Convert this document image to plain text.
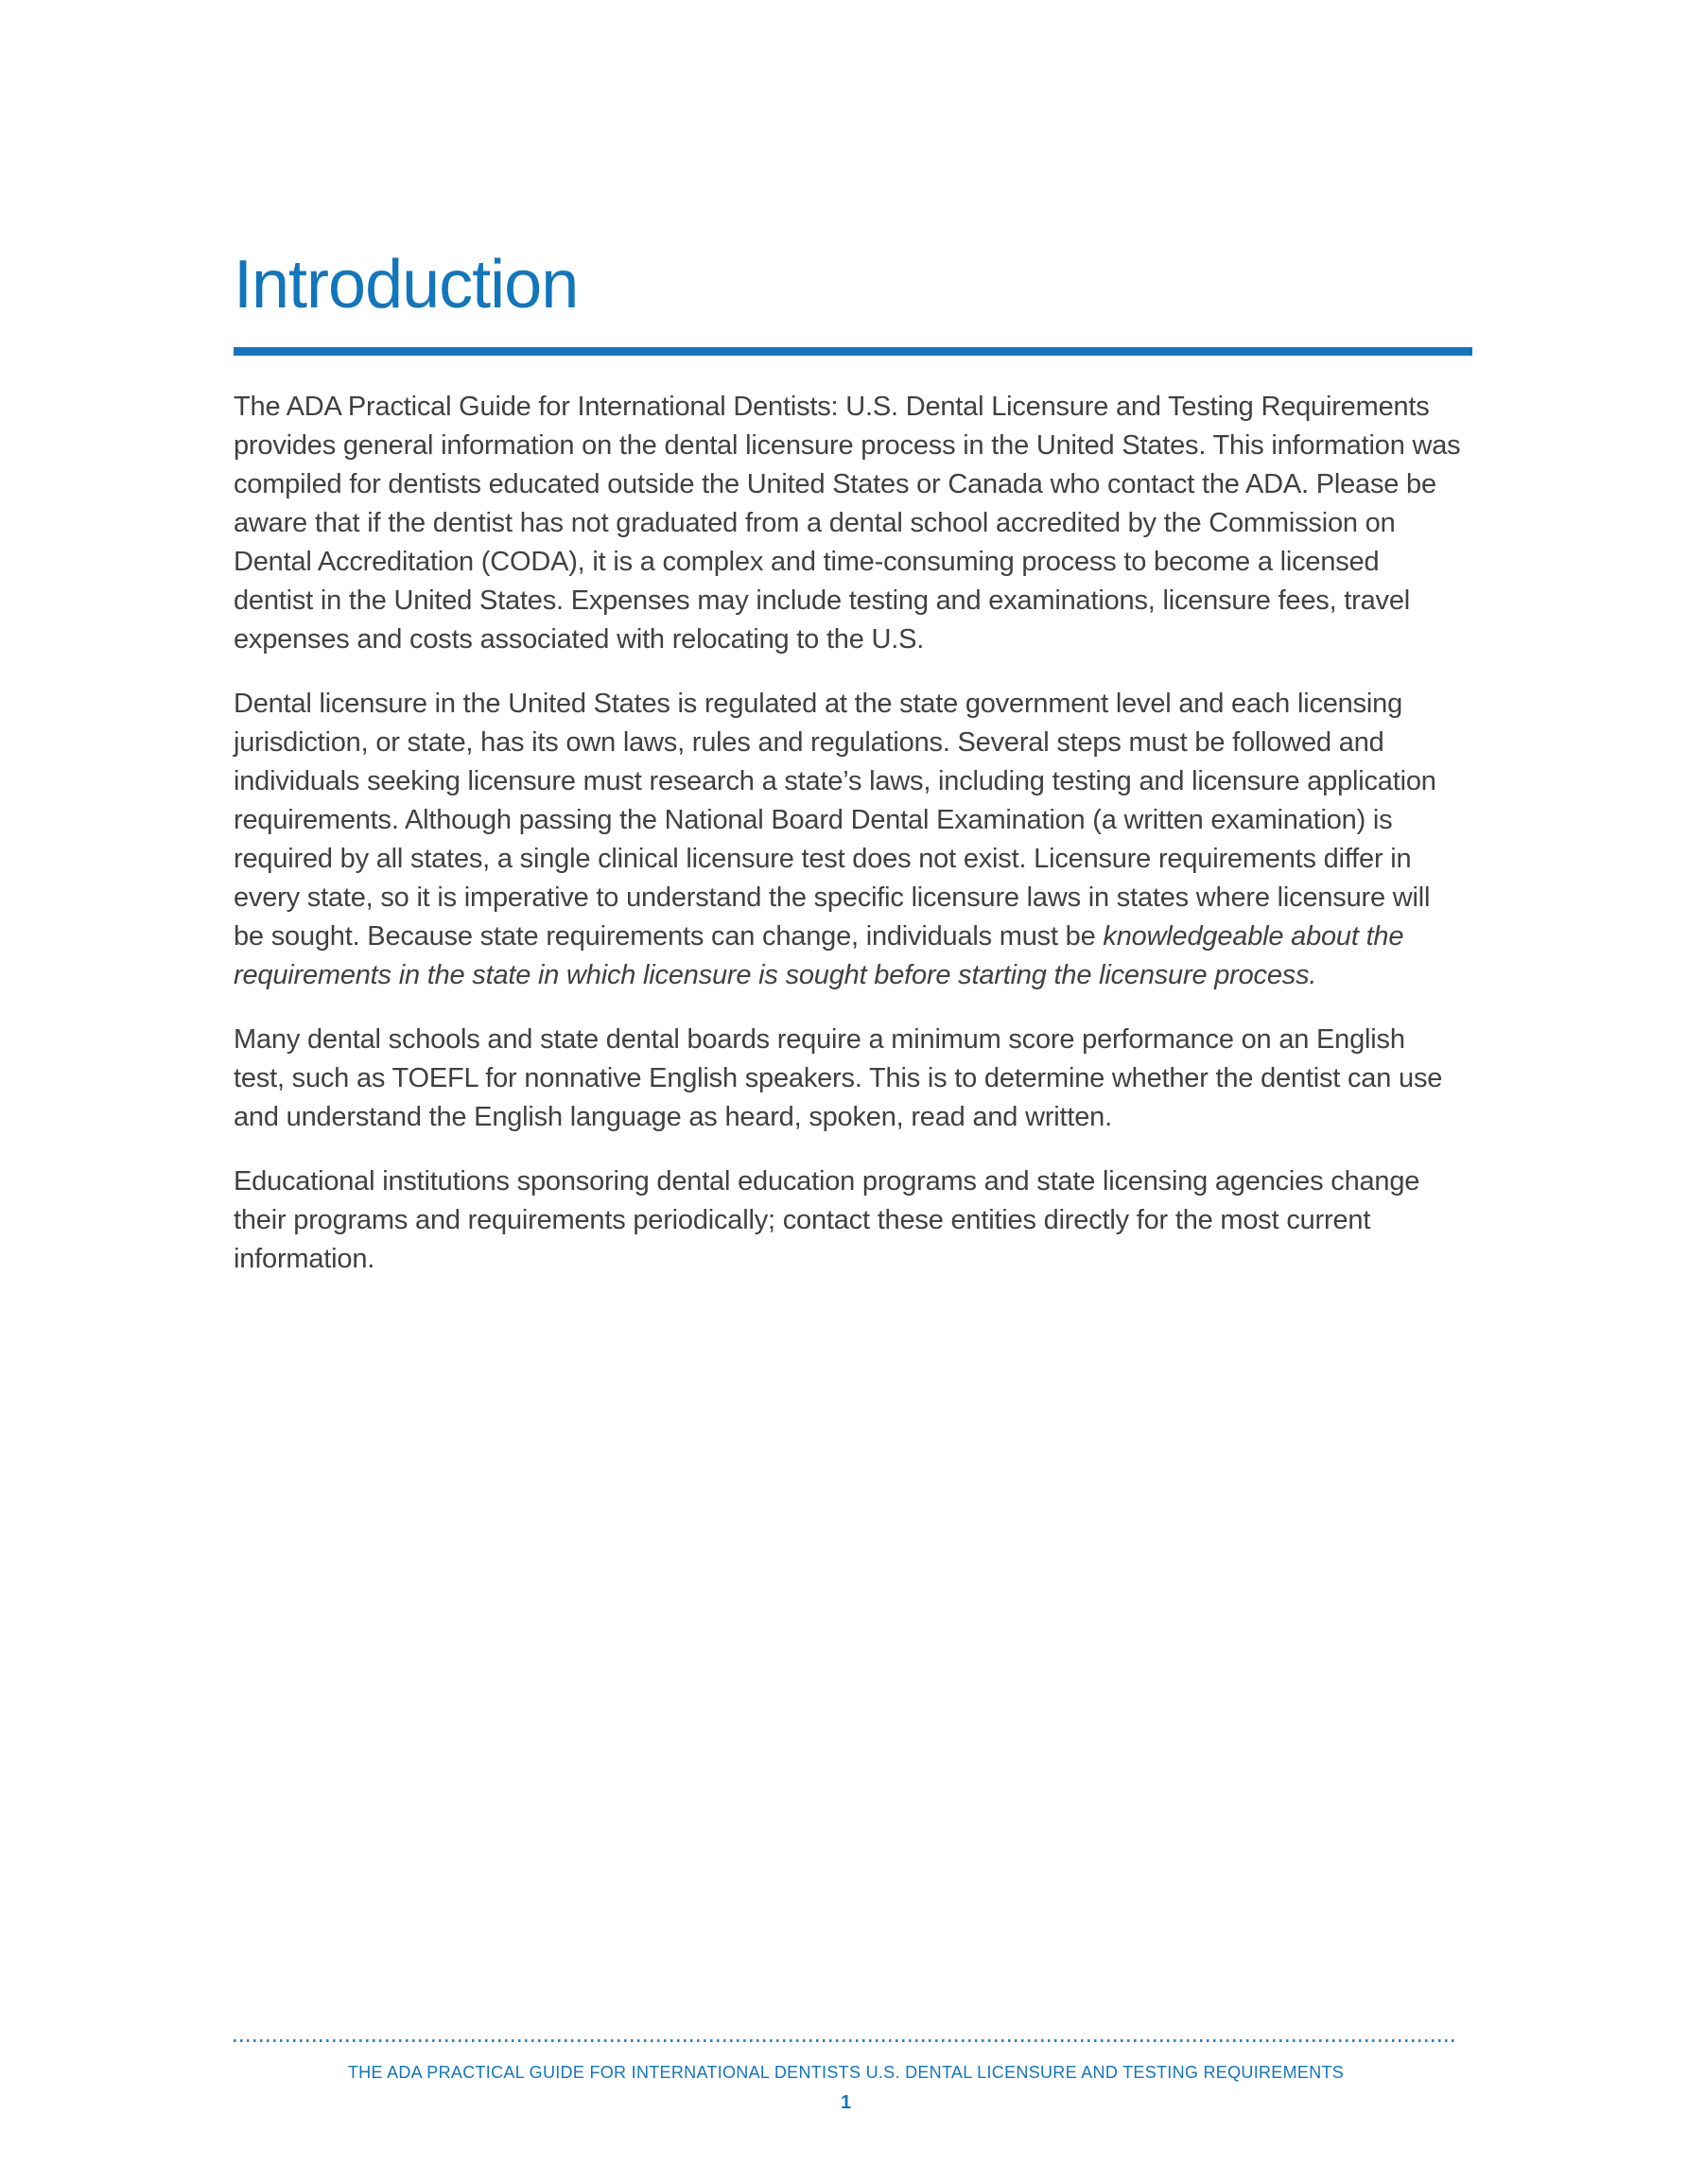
Introduction

The ADA Practical Guide for International Dentists: U.S. Dental Licensure and Testing Requirements provides general information on the dental licensure process in the United States. This information was compiled for dentists educated outside the United States or Canada who contact the ADA. Please be aware that if the dentist has not graduated from a dental school accredited by the Commission on Dental Accreditation (CODA), it is a complex and time-consuming process to become a licensed dentist in the United States. Expenses may include testing and examinations, licensure fees, travel expenses and costs associated with relocating to the U.S.

Dental licensure in the United States is regulated at the state government level and each licensing jurisdiction, or state, has its own laws, rules and regulations. Several steps must be followed and individuals seeking licensure must research a state’s laws, including testing and licensure application requirements. Although passing the National Board Dental Examination (a written examination) is required by all states, a single clinical licensure test does not exist. Licensure requirements differ in every state, so it is imperative to understand the specific licensure laws in states where licensure will be sought. Because state requirements can change, individuals must be knowledgeable about the requirements in the state in which licensure is sought before starting the licensure process.

Many dental schools and state dental boards require a minimum score performance on an English test, such as TOEFL for nonnative English speakers. This is to determine whether the dentist can use and understand the English language as heard, spoken, read and written.

Educational institutions sponsoring dental education programs and state licensing agencies change their programs and requirements periodically; contact these entities directly for the most current information.

THE ADA PRACTICAL GUIDE FOR INTERNATIONAL DENTISTS U.S. DENTAL LICENSURE AND TESTING REQUIREMENTS
1
